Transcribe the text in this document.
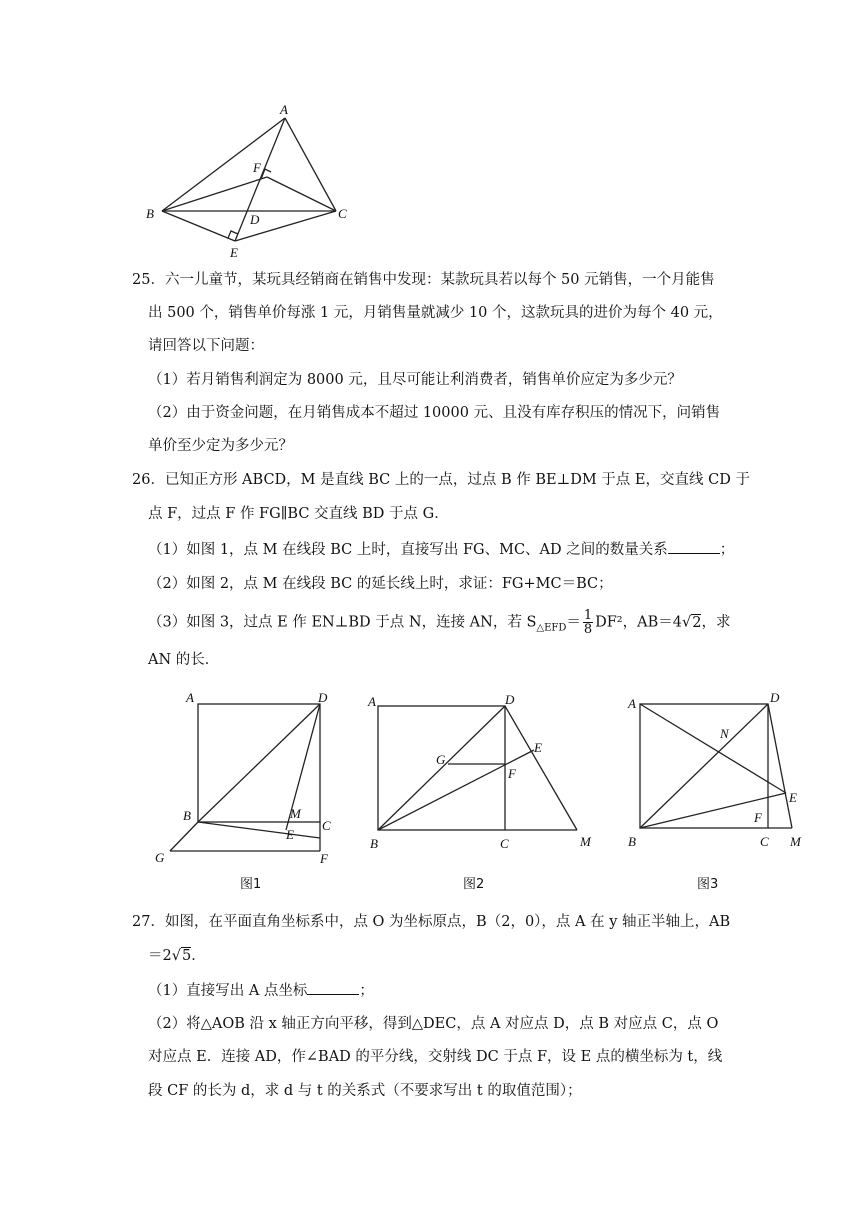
A
F
B	D	C
E
25．六一儿童节，某玩具经销商在销售中发现：某款玩具若以每个 50 元销售，一个月能售
出 500 个，销售单价每涨 1 元，月销售量就减少 10 个，这款玩具的进价为每个 40 元，
请回答以下问题：
（1）若月销售利润定为 8000 元，且尽可能让利消费者，销售单价应定为多少元？
（2）由于资金问题，在月销售成本不超过 10000 元、且没有库存积压的情况下，问销售
单价至少定为多少元？
26．已知正方形 ABCD，M 是直线 BC 上的一点，过点 B 作 BE⊥DM 于点 E，交直线 CD 于
点 F，过点 F 作 FG∥BC 交直线 BD 于点 G．
（1）如图 1，点 M 在线段 BC 上时，直接写出 FG、MC、AD 之间的数量关系	；
（2）如图 2，点 M 在线段 BC 的延长线上时，求证：FG+MC＝BC；
（3）如图 3，过点 E 作 EN⊥BD 于点 N，连接 AN，若 $S_{\triangle EFD}= \frac{1}{8} DF^2$，AB＝4√2，求
AN 的长．
A	D
B	M
C
E
G	F
图1
A	D
E
G
F
B	C	M
图2
A	D
N
E
F
B	C M
图3
27．如图，在平面直角坐标系中，点 O 为坐标原点，B（2，0），点 A 在 y 轴正半轴上，AB
＝2√5．
（1）直接写出 A 点坐标	；
（2）将△AOB 沿 x 轴正方向平移，得到△DEC，点 A 对应点 D，点 B 对应点 C，点 O
对应点 E．连接 AD，作∠BAD 的平分线，交射线 DC 于点 F，设 E 点的横坐标为 t，线
段 CF 的长为 d，求 d 与 t 的关系式（不要求写出 t 的取值范围）；
